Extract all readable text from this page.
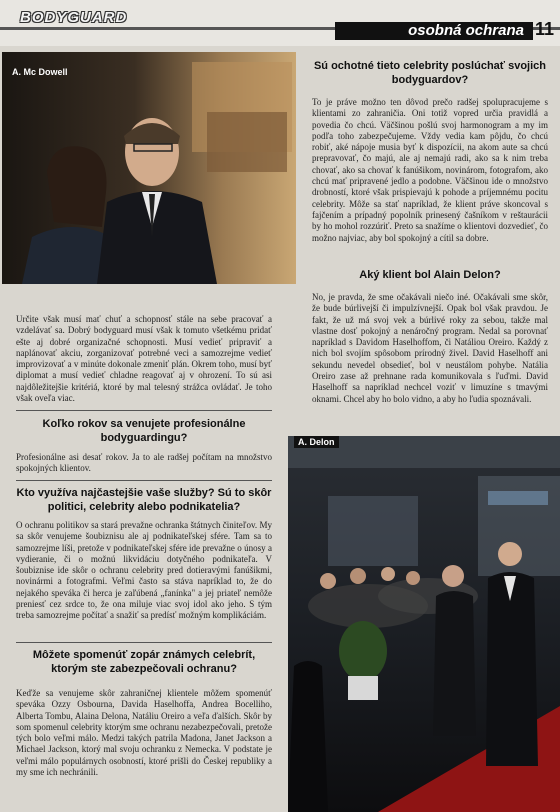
BODYGUARD
osobná ochrana 11
A. Mc Dowell	Sú ochotné tieto celebrity poslúchať svojich bodyguardov?

To je práve možno ten dôvod prečo radšej spolupracujeme s klientami zo zahraničia. Oni totiž vopred určia pravidlá a povedia čo chcú. Väčšinou pošlú svoj harmonogram a my im podľa toho zabezpečujeme. Vždy vedia kam pôjdu, čo chcú robiť, aké nápoje musia byť k dispozícii, na akom aute sa chcú prepravovať, čo majú, ale aj nemajú radi, ako sa k nim treba chovať, ako sa chovať k fanúšikom, novinárom, fotografom, ako chcú mať pripravené jedlo a podobne. Väčšinou ide o množstvo drobností, ktoré však prispievajú k pohode a príjemnému pocitu celebrity. Môže sa stať napríklad, že klient práve skoncoval s fajčením a prípadný popolník prinesený čašníkom v reštaurácii by ho mohol rozzúriť. Preto sa snažíme o klientovi dozvedieť, čo možno najviac, aby bol spokojný a cítil sa dobre.

Aký klient bol Alain Delon?

No, je pravda, že sme očakávali niečo iné. Očakávali sme skôr, že bude búrlivejší či impulzívnejší. Opak bol však pravdou. Je fakt, že už má svoj vek a búrlivé roky za sebou, takže mal vlastne dosť pokojný a nenáročný program. Nedal sa porovnať napríklad s Davidom Haselhoffom, či Natáliou Oreiro. Každý z nich bol svojím spôsobom prírodný živel. David Haselhoff ani sekundu nevedel obsedieť, bol v neustálom pohybe. Natália Oreiro zase až prehnane rada komunikovala s ľuďmi. David Haselhoff sa napríklad nechcel voziť v limuzíne s tmavými oknami. Chcel aby ho bolo vidno, a aby ho ľudia spoznávali.

Určite však musí mať chuť a schopnosť stále na sebe pracovať a vzdelávať sa. Dobrý bodyguard musí však k tomuto všetkému pridať ešte aj dobré organizačné schopnosti. Musí vedieť pripraviť a naplánovať akciu, zorganizovať potrebné veci a samozrejme vedieť improvizovať a v minúte dokonale zmeniť plán. Okrem toho, musí byť diplomat a musí vedieť chladne reagovať aj v ohrození. To sú asi najdôležitejšie kritériá, ktoré by mal telesný strážca ovládať. Je toho však oveľa viac.

Koľko rokov sa venujete profesionálne bodyguardingu?

Profesionálne asi desať rokov. Ja to ale radšej počítam na množstvo spokojných klientov.

Kto využíva najčastejšie vaše služby? Sú to skôr politici, celebrity alebo podnikatelia?

O ochranu politikov sa stará prevažne ochranka štátnych činiteľov. My sa skôr venujeme šoubiznisu ale aj podnikateľskej sfére. Tam sa to samozrejme líši, pretože v podnikateľskej sfére ide prevažne o únosy a vydieranie, či o možnú likvidáciu dotyčného podnikateľa. V šoubiznise ide skôr o ochranu celebrity pred dotieravými fanúšikmi, novinármi a fotografmi. Veľmi často sa stáva napríklad to, že do nejakého speváka či herca je zaľúbená „fanínka" a jej priateľ nemôže preniesť cez srdce to, že ona miluje viac svoj idol ako jeho. S tým treba samozrejme počítať a snažiť sa predísť možným komplikáciám.

Môžete spomenúť zopár známych celebrít, ktorým ste zabezpečovali ochranu?

Keďže sa venujeme skôr zahraničnej klientele môžem spomenúť speváka Ozzy Osbourna, Davida Haselhoffa, Andrea Bocelliho, Alberta Tombu, Alaina Delona, Natáliu Oreiro a veľa ďalších. Skôr by som spomenul celebrity ktorým sme ochranu nezabezpečovali, pretože tých bolo veľmi málo. Medzi takých patrila Madona, Janet Jackson a Michael Jackson, ktorý mal svoju ochranku z Nemecka. V podstate je veľmi málo populárnych osobností, ktoré prišli do Českej republiky a my sme ich nechránili.

A. Delon
